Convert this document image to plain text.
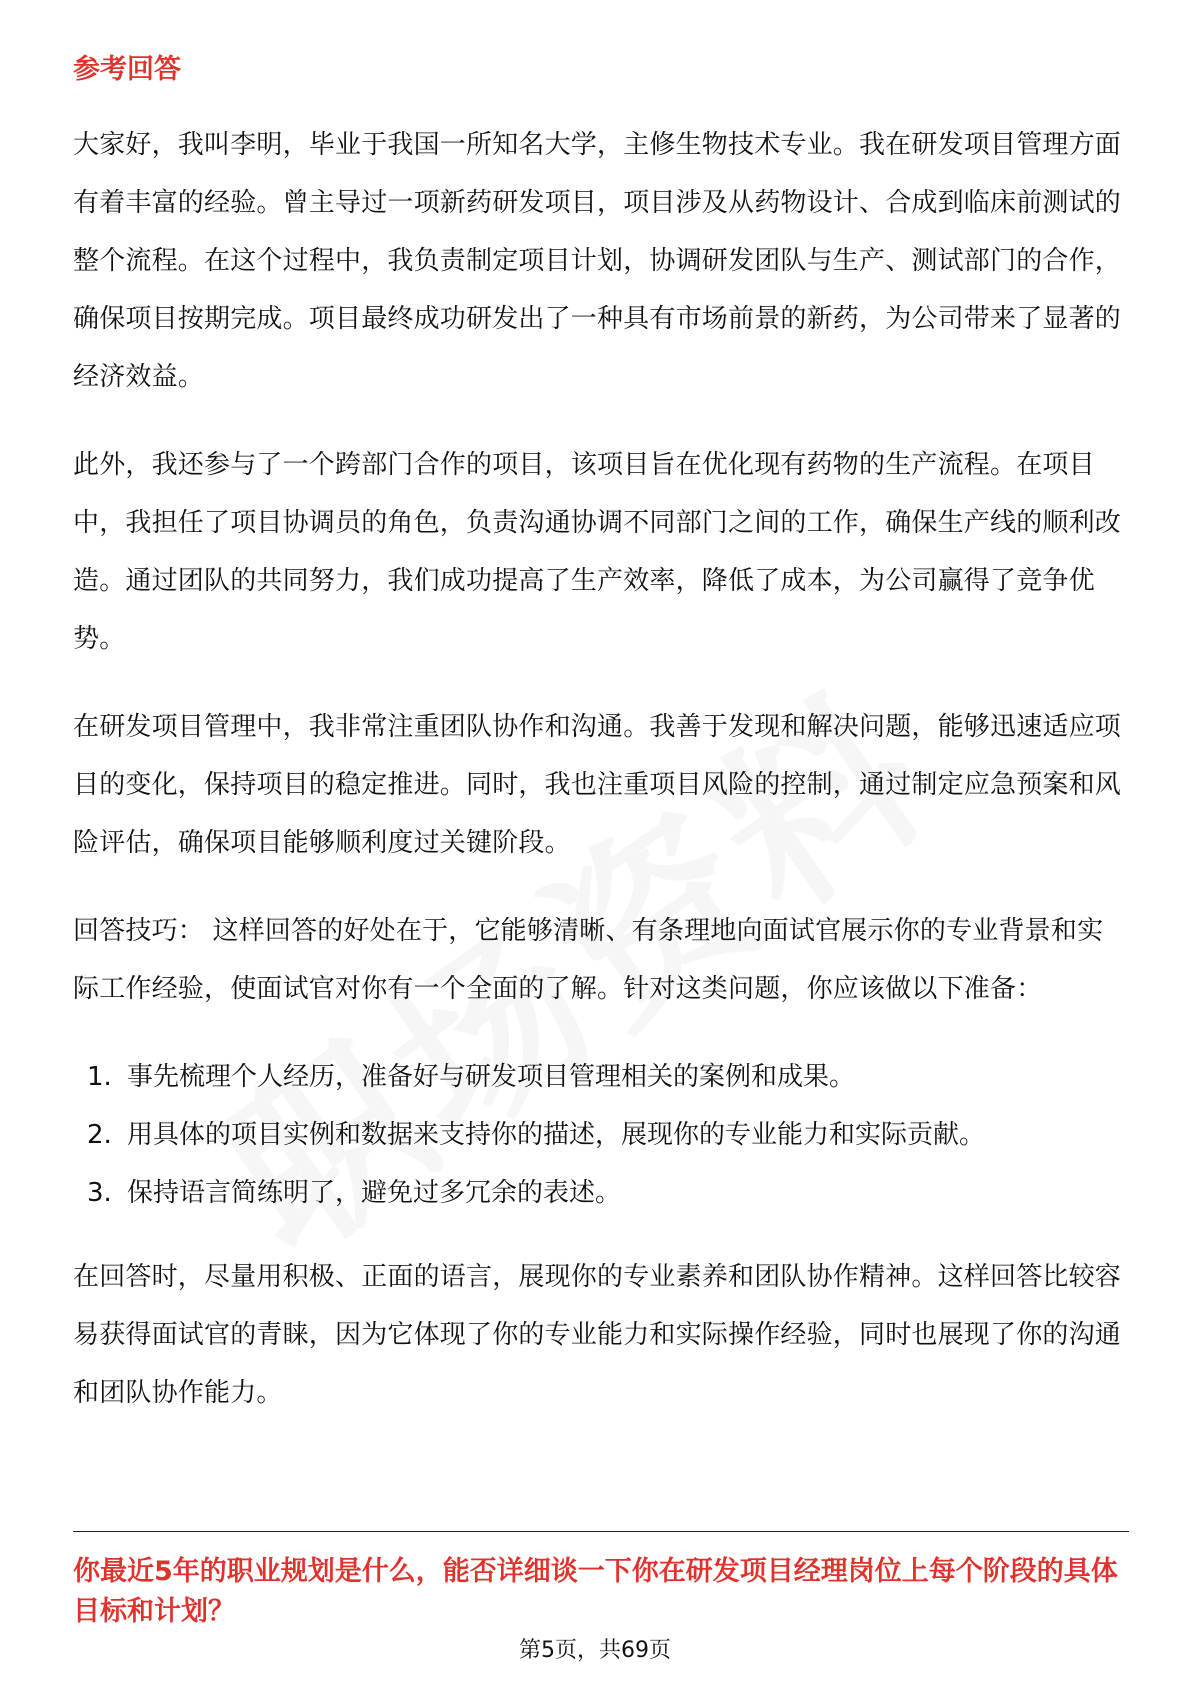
参考回答

大家好，我叫李明，毕业于我国一所知名大学，主修生物技术专业。我在研发项目管理方面有着丰富的经验。曾主导过一项新药研发项目，项目涉及从药物设计、合成到临床前测试的整个流程。在这个过程中，我负责制定项目计划，协调研发团队与生产、测试部门的合作，确保项目按期完成。项目最终成功研发出了一种具有市场前景的新药，为公司带来了显著的经济效益。

此外，我还参与了一个跨部门合作的项目，该项目旨在优化现有药物的生产流程。在项目中，我担任了项目协调员的角色，负责沟通协调不同部门之间的工作，确保生产线的顺利改造。通过团队的共同努力，我们成功提高了生产效率，降低了成本，为公司赢得了竞争优势。

在研发项目管理中，我非常注重团队协作和沟通。我善于发现和解决问题，能够迅速适应项目的变化，保持项目的稳定推进。同时，我也注重项目风险的控制，通过制定应急预案和风险评估，确保项目能够顺利度过关键阶段。

回答技巧： 这样回答的好处在于，它能够清晰、有条理地向面试官展示你的专业背景和实际工作经验，使面试官对你有一个全面的了解。针对这类问题，你应该做以下准备：

1. 事先梳理个人经历，准备好与研发项目管理相关的案例和成果。
2. 用具体的项目实例和数据来支持你的描述，展现你的专业能力和实际贡献。
3. 保持语言简练明了，避免过多冗余的表述。

在回答时，尽量用积极、正面的语言，展现你的专业素养和团队协作精神。这样回答比较容易获得面试官的青睐，因为它体现了你的专业能力和实际操作经验，同时也展现了你的沟通和团队协作能力。

你最近5年的职业规划是什么，能否详细谈一下你在研发项目经理岗位上每个阶段的具体目标和计划？
第5页，共69页
